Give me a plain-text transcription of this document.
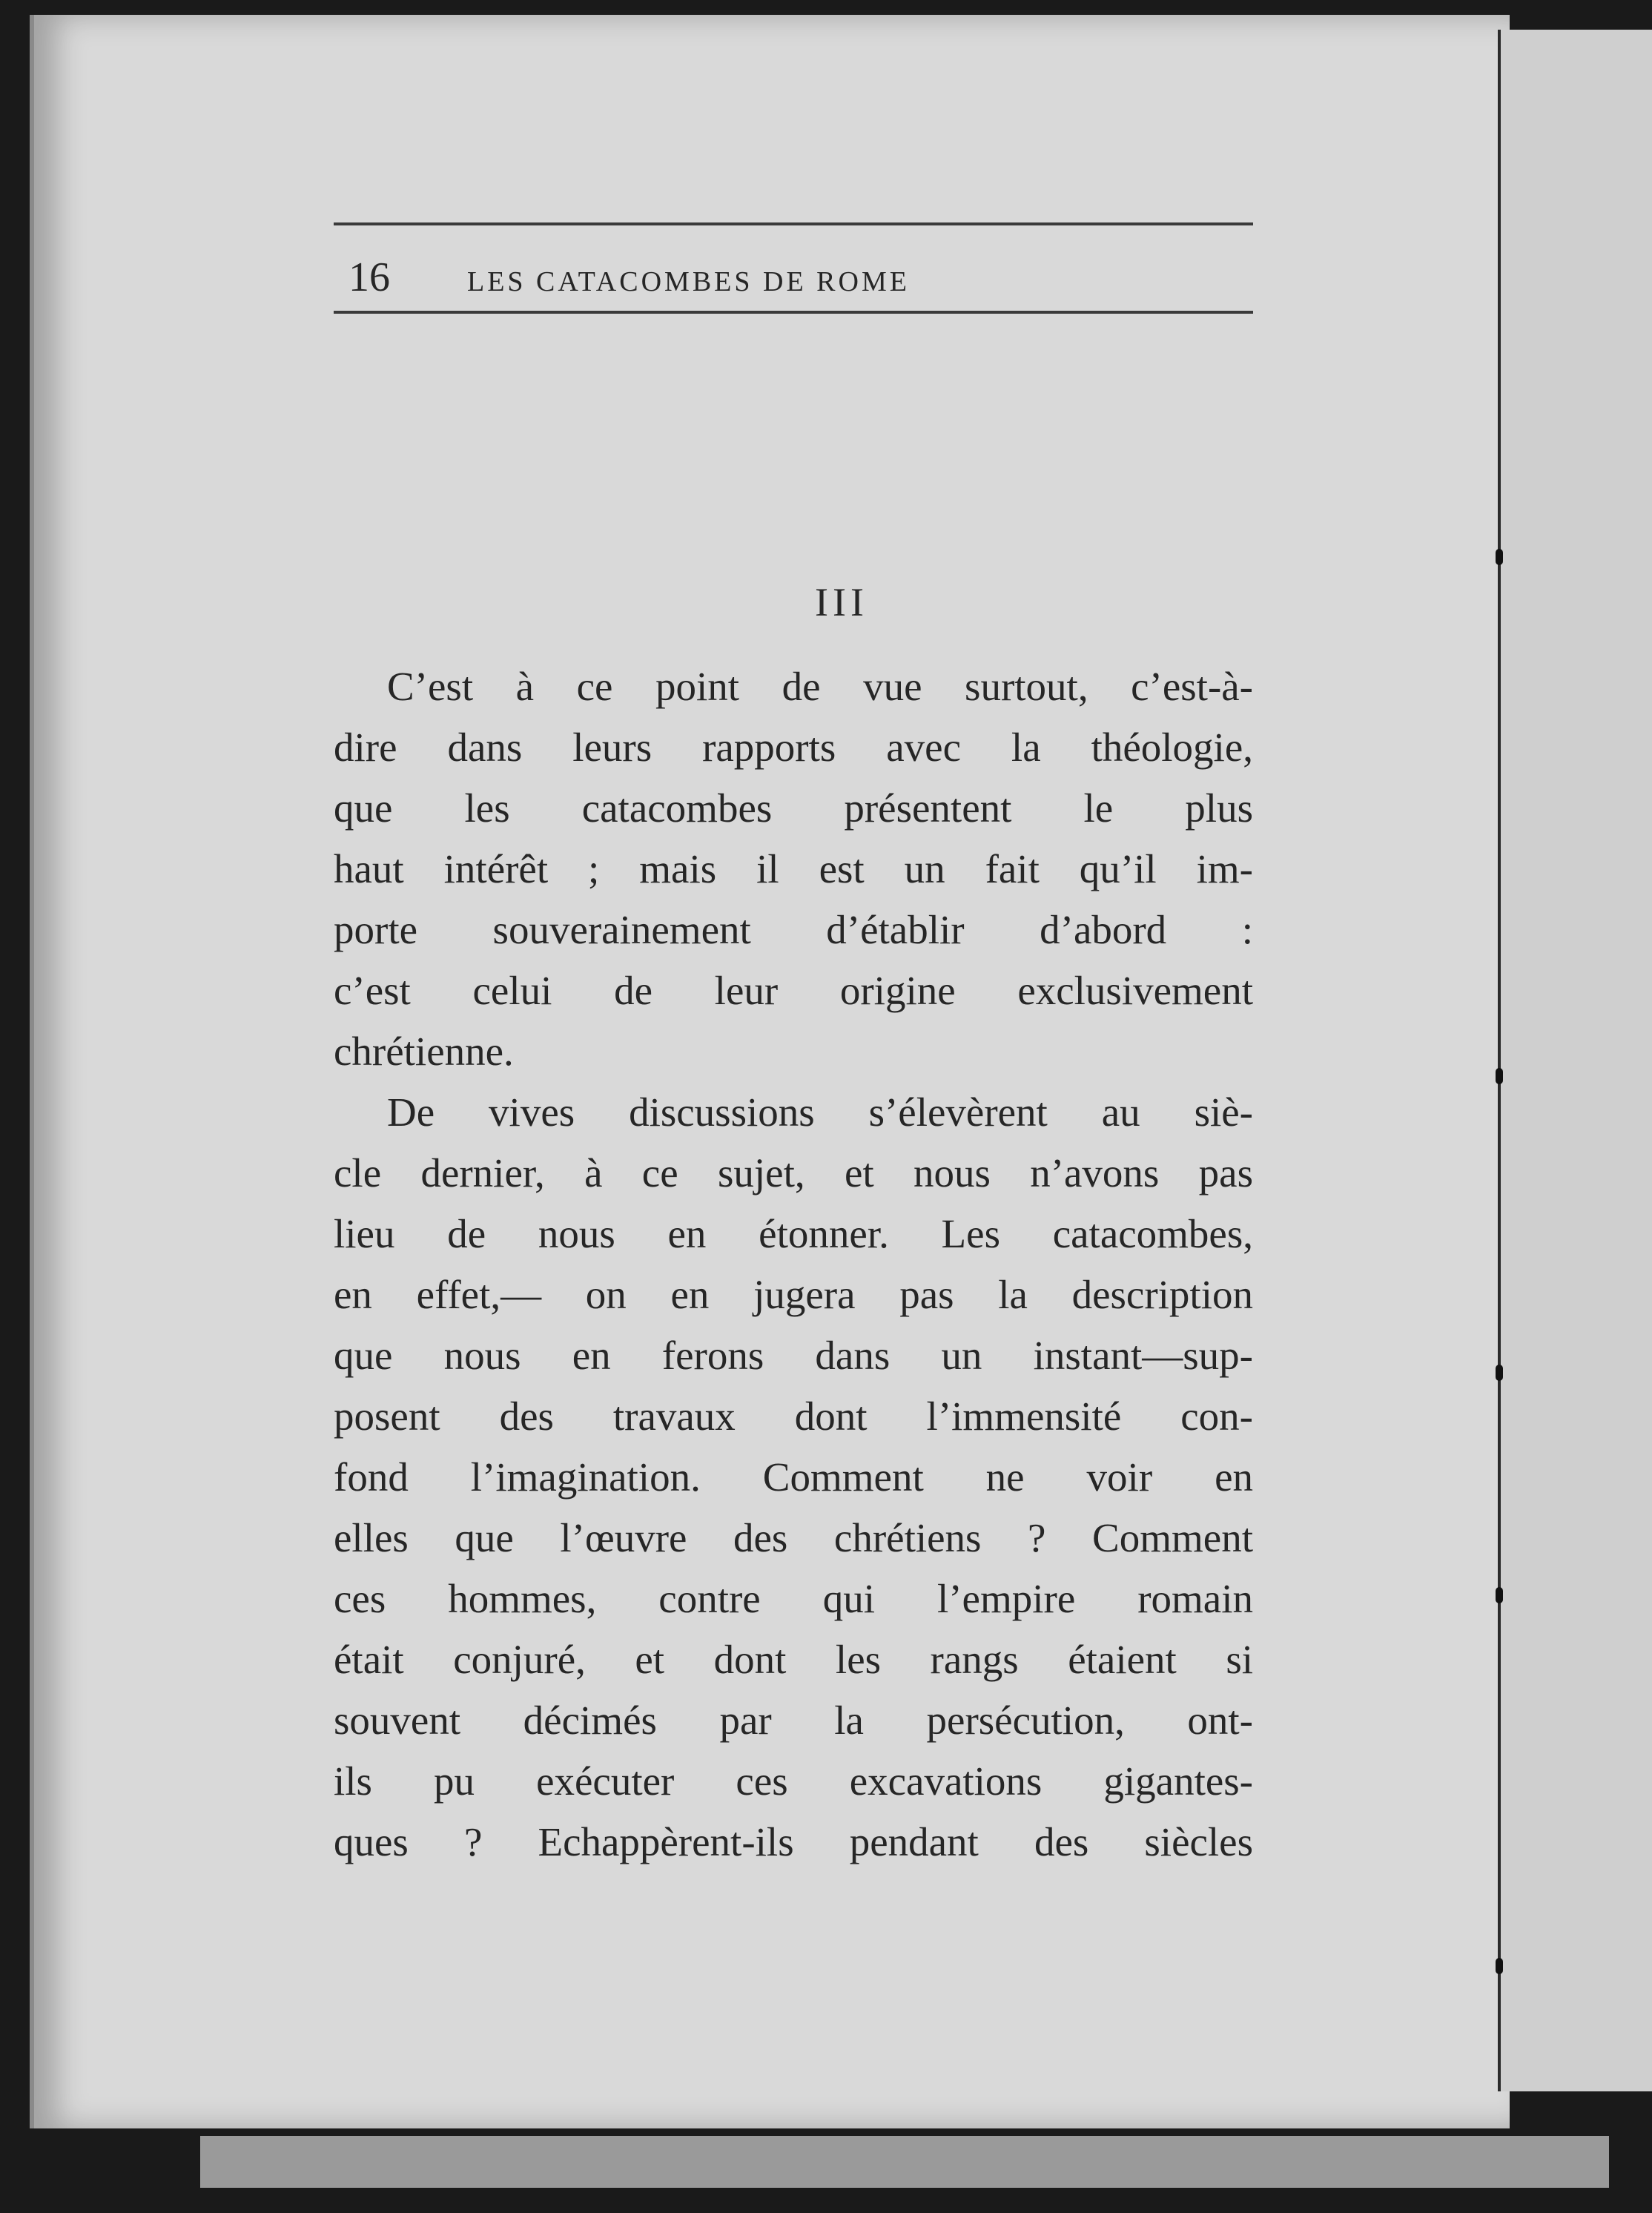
16	LES CATACOMBES DE ROME
III
C’est à ce point de vue surtout, c’est-à-
dire dans leurs rapports avec la théologie,
que les catacombes présentent le plus
haut intérêt ; mais il est un fait qu’il im-
porte souverainement d’établir d’abord :
c’est celui de leur origine exclusivement
chrétienne.
De vives discussions s’élevèrent au siè-
cle dernier, à ce sujet, et nous n’avons pas
lieu de nous en étonner. Les catacombes,
en effet,— on en jugera pas la description
que nous en ferons dans un instant—sup-
posent des travaux dont l’immensité con-
fond l’imagination. Comment ne voir en
elles que l’œuvre des chrétiens ? Comment
ces hommes, contre qui l’empire romain
était conjuré, et dont les rangs étaient si
souvent décimés par la persécution, ont-
ils pu exécuter ces excavations gigantes-
ques ? Echappèrent-ils pendant des siècles
